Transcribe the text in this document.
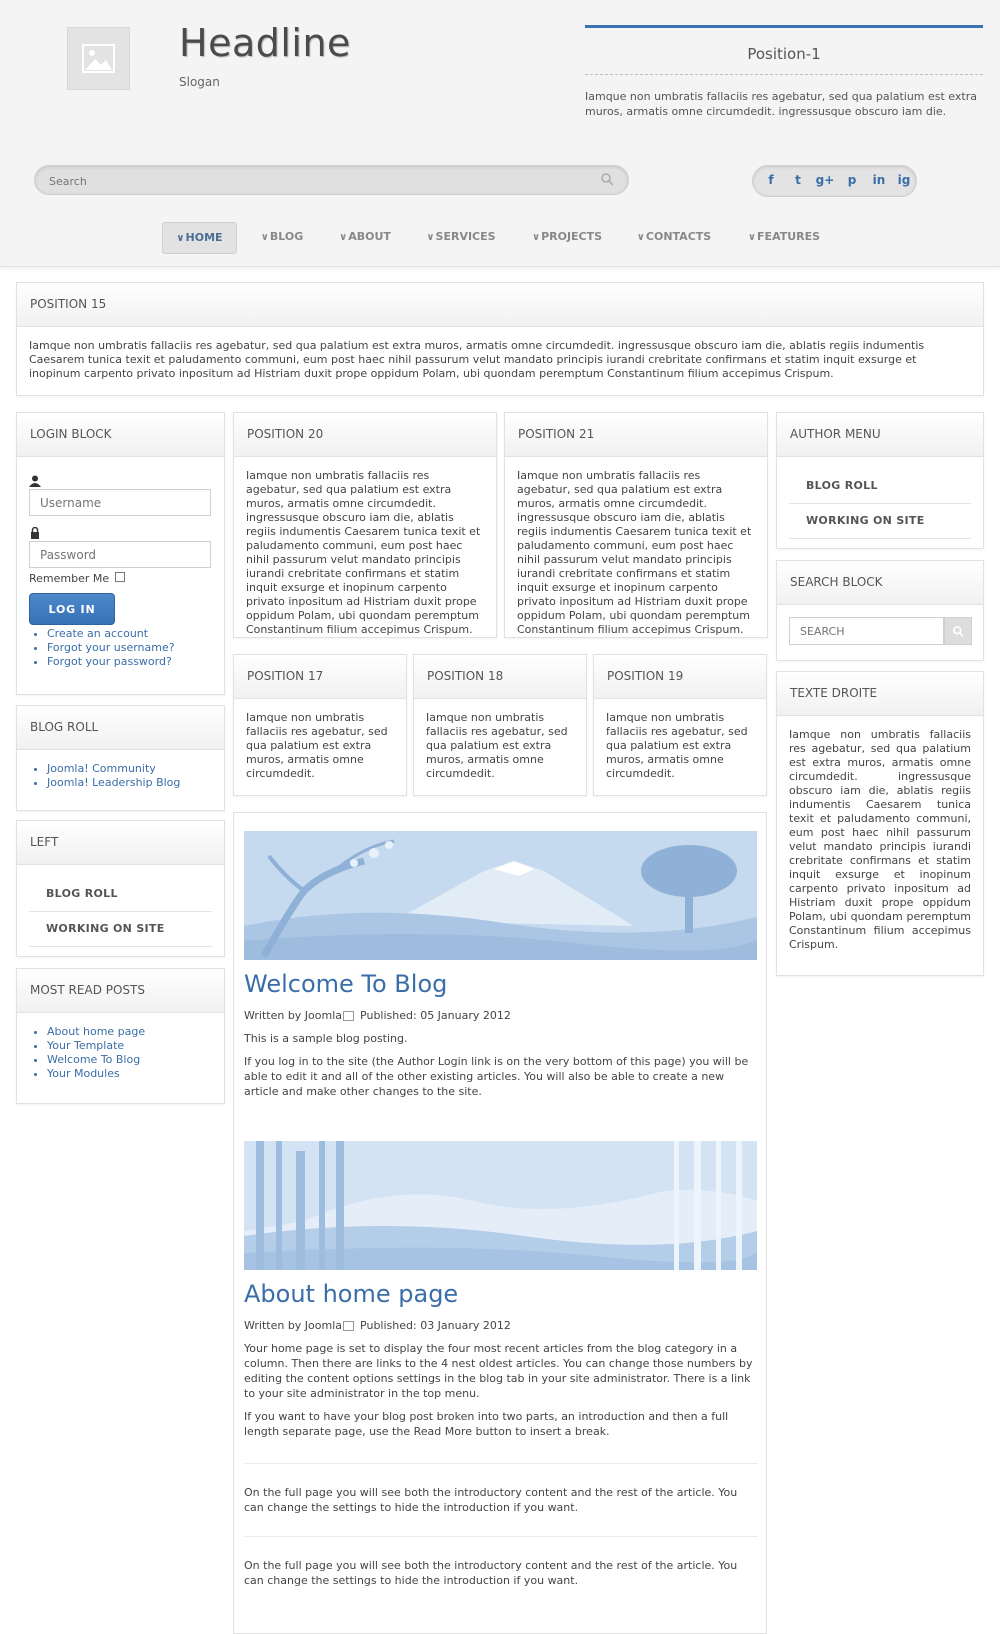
Headline
Slogan
Position-1
Iamque non umbratis fallaciis res agebatur, sed qua palatium est extra muros, armatis omne circumdedit. ingressusque obscuro iam die.
Search
f	t	g+	p	in	ig
∨HOME	∨BLOG	∨ABOUT	∨SERVICES	∨PROJECTS	∨CONTACTS	∨FEATURES
POSITION 15
Iamque non umbratis fallaciis res agebatur, sed qua palatium est extra muros, armatis omne circumdedit. ingressusque obscuro iam die, ablatis regiis indumentis Caesarem tunica texit et paludamento communi, eum post haec nihil passurum velut mandato principis iurandi crebritate confirmans et statim inquit exsurge et inopinum carpento privato inpositum ad Histriam duxit prope oppidum Polam, ubi quondam peremptum Constantinum filium accepimus Crispum.
LOGIN BLOCK
Username
Remember Me
LOG IN
• Create an account
• Forgot your username?
• Forgot your password?
BLOG ROLL
• Joomla! Community
• Joomla! Leadership Blog
LEFT
BLOG ROLL
WORKING ON SITE
MOST READ POSTS
• About home page
• Your Template
• Welcome To Blog
• Your Modules
POSITION 20
Iamque non umbratis fallaciis res agebatur, sed qua palatium est extra muros, armatis omne circumdedit. ingressusque obscuro iam die, ablatis regiis indumentis Caesarem tunica texit et paludamento communi, eum post haec nihil passurum velut mandato principis iurandi crebritate confirmans et statim inquit exsurge et inopinum carpento privato inpositum ad Histriam duxit prope oppidum Polam, ubi quondam peremptum Constantinum filium accepimus Crispum.
POSITION 21
Iamque non umbratis fallaciis res agebatur, sed qua palatium est extra muros, armatis omne circumdedit. ingressusque obscuro iam die, ablatis regiis indumentis Caesarem tunica texit et paludamento communi, eum post haec nihil passurum velut mandato principis iurandi crebritate confirmans et statim inquit exsurge et inopinum carpento privato inpositum ad Histriam duxit prope oppidum Polam, ubi quondam peremptum Constantinum filium accepimus Crispum.
POSITION 17
Iamque non umbratis fallaciis res agebatur, sed qua palatium est extra muros, armatis omne circumdedit.
POSITION 18
Iamque non umbratis fallaciis res agebatur, sed qua palatium est extra muros, armatis omne circumdedit.
POSITION 19
Iamque non umbratis fallaciis res agebatur, sed qua palatium est extra muros, armatis omne circumdedit.
AUTHOR MENU
BLOG ROLL
WORKING ON SITE
SEARCH BLOCK
SEARCH
TEXTE DROITE
Iamque non umbratis fallaciis res agebatur, sed qua palatium est extra muros, armatis omne circumdedit. ingressusque obscuro iam die, ablatis regiis indumentis Caesarem tunica texit et paludamento communi, eum post haec nihil passurum velut mandato principis iurandi crebritate confirmans et statim inquit exsurge et inopinum carpento privato inpositum ad Histriam duxit prope oppidum Polam, ubi quondam peremptum Constantinum filium accepimus Crispum.
Welcome To Blog
Written by Joomla Published: 05 January 2012

This is a sample blog posting.

If you log in to the site (the Author Login link is on the very bottom of this page) you will be able to edit it and all of the other existing articles. You will also be able to create a new article and make other changes to the site.

About home page
Written by Joomla Published: 03 January 2012

Your home page is set to display the four most recent articles from the blog category in a column. Then there are links to the 4 nest oldest articles. You can change those numbers by editing the content options settings in the blog tab in your site administrator. There is a link to your site administrator in the top menu.

If you want to have your blog post broken into two parts, an introduction and then a full length separate page, use the Read More button to insert a break.

On the full page you will see both the introductory content and the rest of the article. You can change the settings to hide the introduction if you want.

On the full page you will see both the introductory content and the rest of the article. You can change the settings to hide the introduction if you want.
